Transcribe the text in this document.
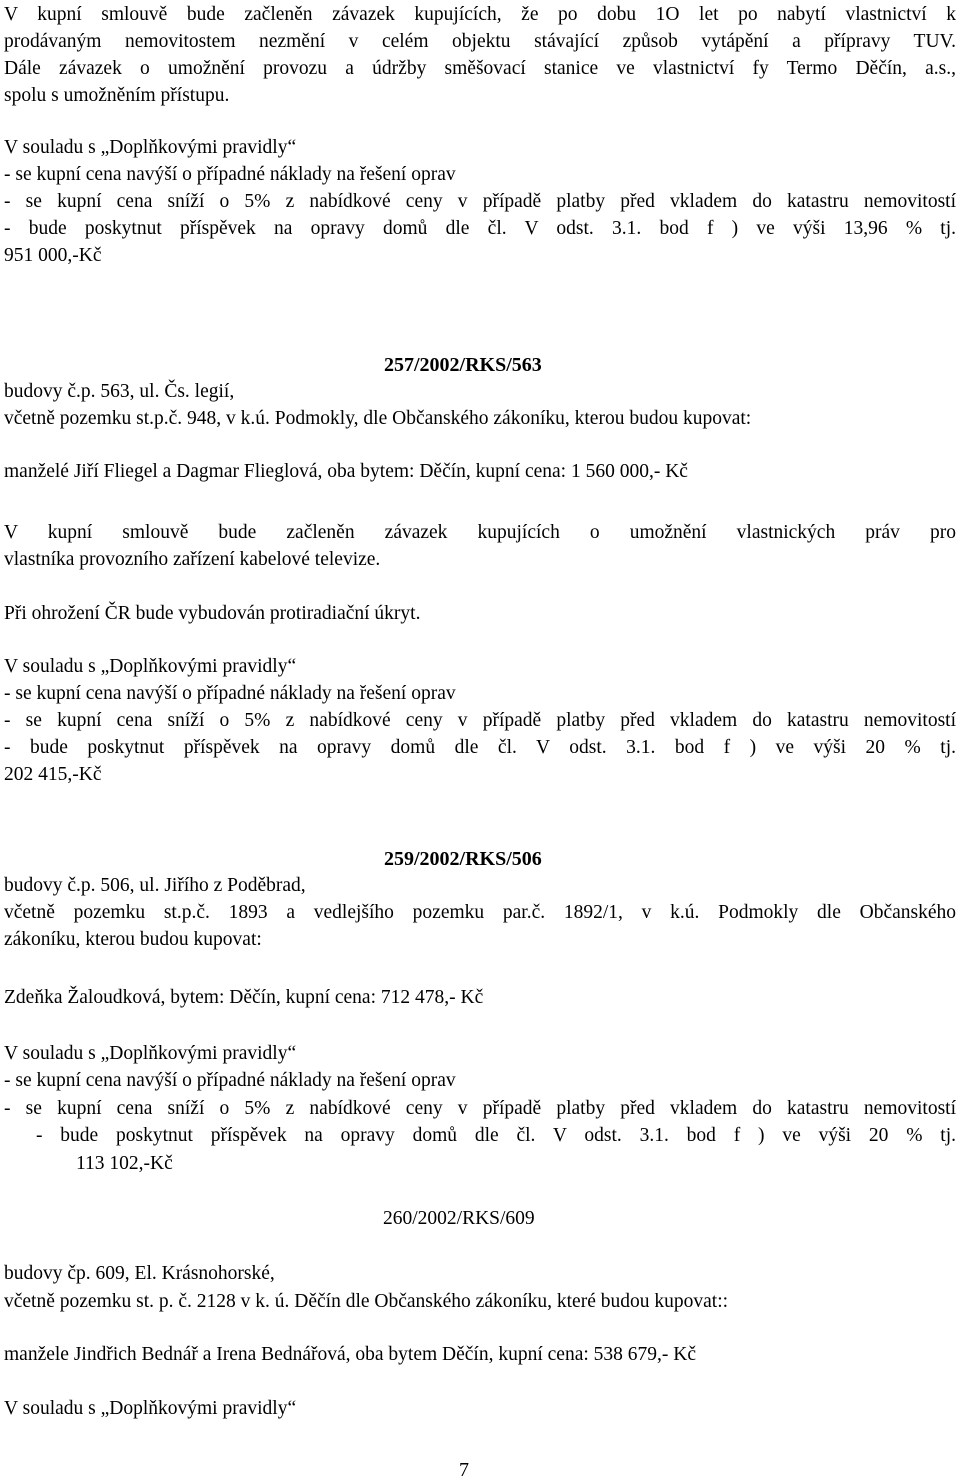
V kupní smlouvě bude začleněn závazek kupujících, že po dobu 1O let po nabytí vlastnictví k
prodávaným nemovitostem nezmění v celém objektu stávající způsob vytápění a přípravy TUV.
Dále závazek o umožnění provozu a údržby směšovací stanice ve vlastnictví fy Termo Děčín, a.s.,
spolu s umožněním přístupu.
V souladu s „Doplňkovými pravidly“
- se kupní cena navýší o případné náklady na řešení oprav
- se kupní cena sníží o 5% z nabídkové ceny v případě platby před vkladem do katastru nemovitostí
- bude poskytnut příspěvek na opravy domů dle čl. V odst. 3.1. bod f ) ve výši 13,96 % tj.
951 000,-Kč
257/2002/RKS/563
budovy č.p. 563, ul. Čs. legií,
včetně pozemku st.p.č. 948, v k.ú. Podmokly, dle Občanského zákoníku, kterou budou kupovat:
manželé Jiří Fliegel a Dagmar Flieglová, oba bytem: Děčín, kupní cena: 1 560 000,- Kč
V kupní smlouvě bude začleněn závazek kupujících o umožnění vlastnických práv pro
vlastníka provozního zařízení kabelové televize.
Při ohrožení ČR bude vybudován protiradiační úkryt.
V souladu s „Doplňkovými pravidly“
- se kupní cena navýší o případné náklady na řešení oprav
- se kupní cena sníží o 5% z nabídkové ceny v případě platby před vkladem do katastru nemovitostí
- bude poskytnut příspěvek na opravy domů dle čl. V odst. 3.1. bod f ) ve výši 20 % tj.
202 415,-Kč
259/2002/RKS/506
budovy č.p. 506, ul. Jiřího z Poděbrad,
včetně pozemku st.p.č. 1893 a vedlejšího pozemku par.č. 1892/1, v k.ú. Podmokly dle Občanského
zákoníku, kterou budou kupovat:
Zdeňka Žaloudková, bytem: Děčín, kupní cena: 712 478,- Kč
V souladu s „Doplňkovými pravidly“
- se kupní cena navýší o případné náklady na řešení oprav
- se kupní cena sníží o 5% z nabídkové ceny v případě platby před vkladem do katastru nemovitostí
- bude poskytnut příspěvek na opravy domů dle čl. V odst. 3.1. bod f ) ve výši 20 % tj.
113 102,-Kč
260/2002/RKS/609
budovy čp. 609, El. Krásnohorské,
včetně pozemku st. p. č. 2128 v k. ú. Děčín dle Občanského zákoníku, které budou kupovat::
manžele Jindřich Bednář a Irena Bednářová, oba bytem Děčín, kupní cena: 538 679,- Kč
V souladu s „Doplňkovými pravidly“
7
